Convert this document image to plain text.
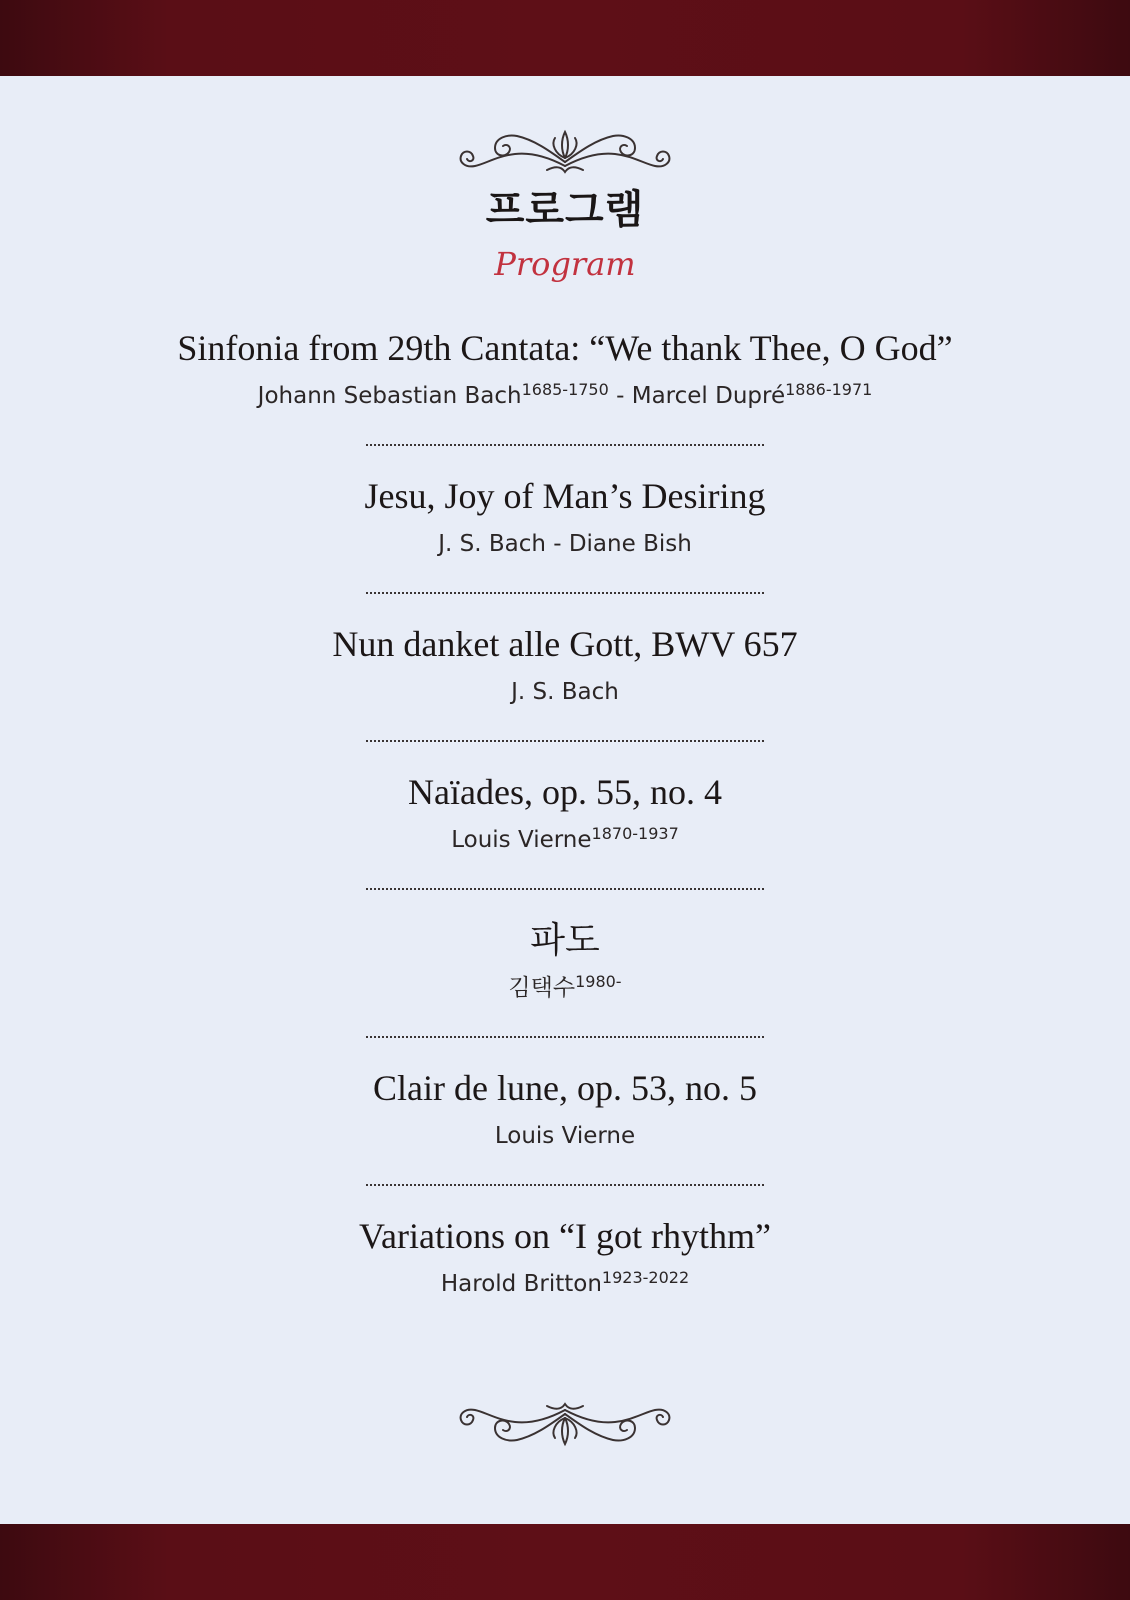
프로그램
Program
Sinfonia from 29th Cantata: “We thank Thee, O God”
Johann Sebastian Bach$^{1685-1750}$ - Marcel Dupré$^{1886-1971}$
Jesu, Joy of Man’s Desiring
J. S. Bach - Diane Bish
Nun danket alle Gott, BWV 657
J. S. Bach
Naïades, op. 55, no. 4
Louis Vierne$^{1870-1937}$
파도
김택수$^{1980-}$
Clair de lune, op. 53, no. 5
Louis Vierne
Variations on “I got rhythm”
Harold Britton$^{1923-2022}$
